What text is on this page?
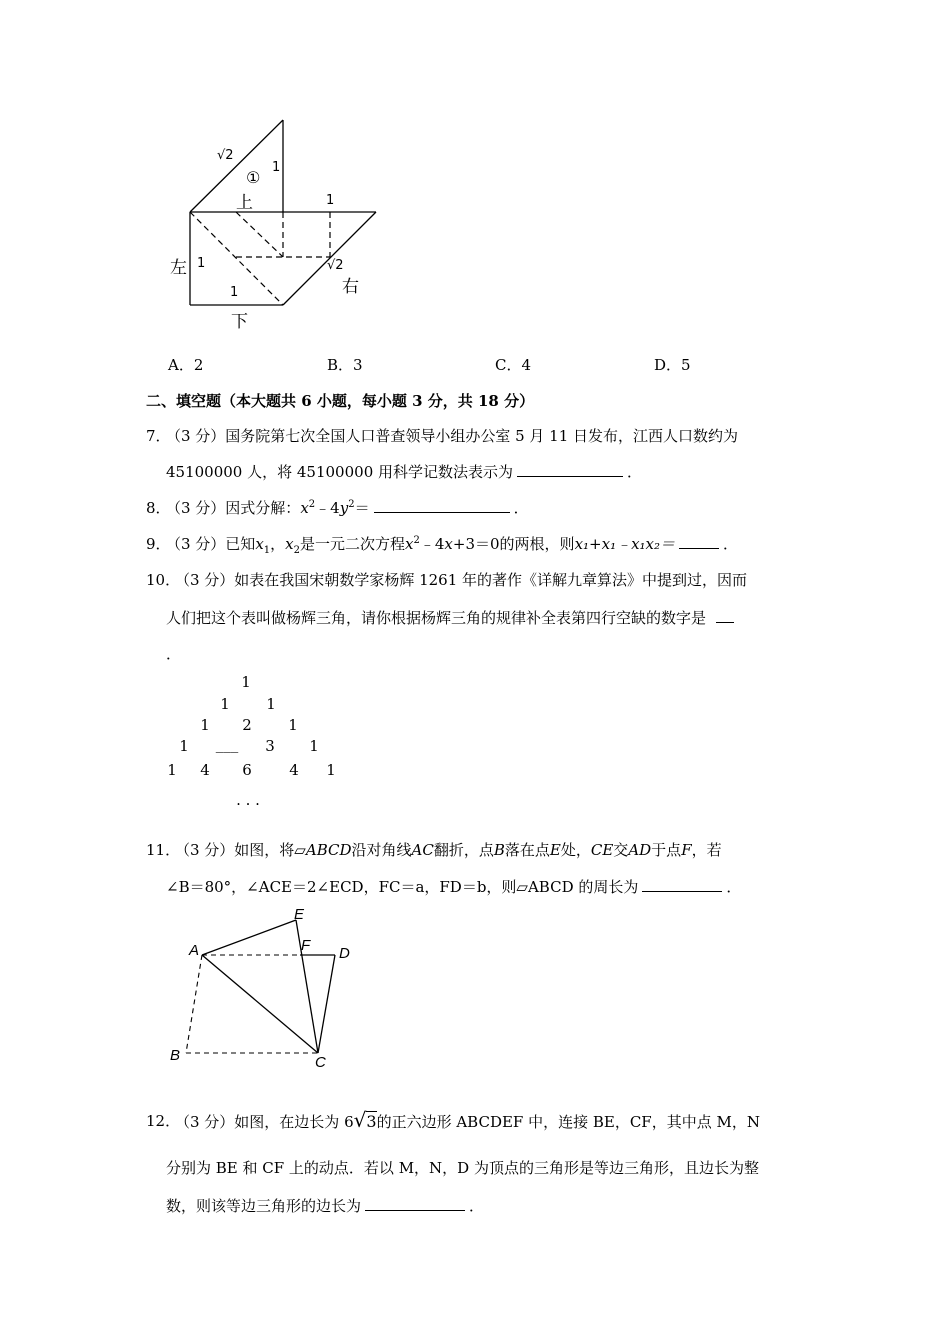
√2
①
1
上	1
左 1	√2
右
1
下
A．2	B．3	C．4	D．5
二、填空题（本大题共 6 小题，每小题 3 分，共 18 分）
7．
（3 分）国务院第七次全国人口普查领导小组办公室 5 月 11 日发布，江西人口数约为
45100000 人，将 45100000 用科学记数法表示为	．
8．
（3 分）因式分解：$x^2﹣4y^2=$	．
9．
（3 分）已知$x_1$，$x_2$是一元二次方程$x^2﹣4x+3=0$的两根，则x₁+x₁﹣x₁x₂＝	．
10．
（3 分）如表在我国宋朝数学家杨辉 1261 年的著作《详解九章算法》中提到过，因而
人们把这个表叫做杨辉三角，请你根据杨辉三角的规律补全表第四行空缺的数字是
．
1
1	1
1	2	1
1	___	3	1
1	4	6	4	1
. . .
11．
（3 分）如图，将▱ABCD沿对角线AC翻折，点B落在点E处，CE交AD于点F，若
∠B＝80°，∠ACE＝2∠ECD，FC＝a，FD＝b，则▱ABCD 的周长为	．
A
E
F D
B	C
12．
（3 分）如图，在边长为 6√3的正六边形 ABCDEF 中，连接 BE，CF，其中点 M，N
分别为 BE 和 CF 上的动点．若以 M，N，D 为顶点的三角形是等边三角形，且边长为整
数，则该等边三角形的边长为	．
